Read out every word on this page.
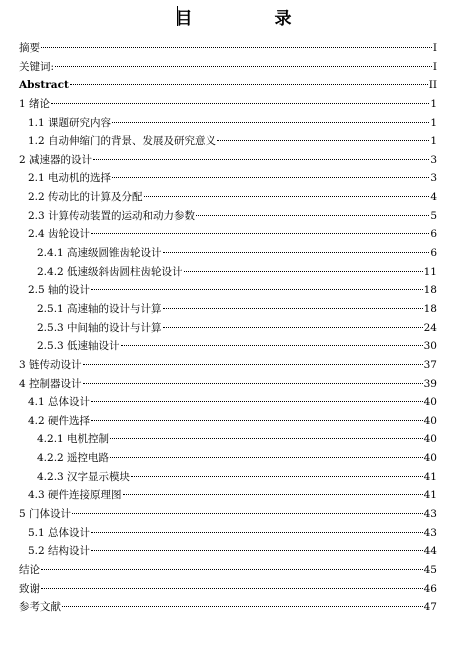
目 录
摘要	I
关键词:	I
Abstract	II
1 绪论	1
1.1 课题研究内容	1
1.2 自动伸缩门的背景、发展及研究意义	1
2 减速器的设计	3
2.1 电动机的选择	3
2.2 传动比的计算及分配	4
2.3 计算传动装置的运动和动力参数	5
2.4 齿轮设计	6
2.4.1 高速级圆锥齿轮设计	6
2.4.2 低速级斜齿圆柱齿轮设计	11
2.5 轴的设计	18
2.5.1 高速轴的设计与计算	18
2.5.3 中间轴的设计与计算	24
2.5.3 低速轴设计	30
3 链传动设计	37
4 控制器设计	39
4.1 总体设计	40
4.2 硬件选择	40
4.2.1 电机控制	40
4.2.2 遥控电路	40
4.2.3 汉字显示模块	41
4.3 硬件连接原理图	41
5 门体设计	43
5.1 总体设计	43
5.2 结构设计	44
结论	45
致谢	46
参考文献	47
